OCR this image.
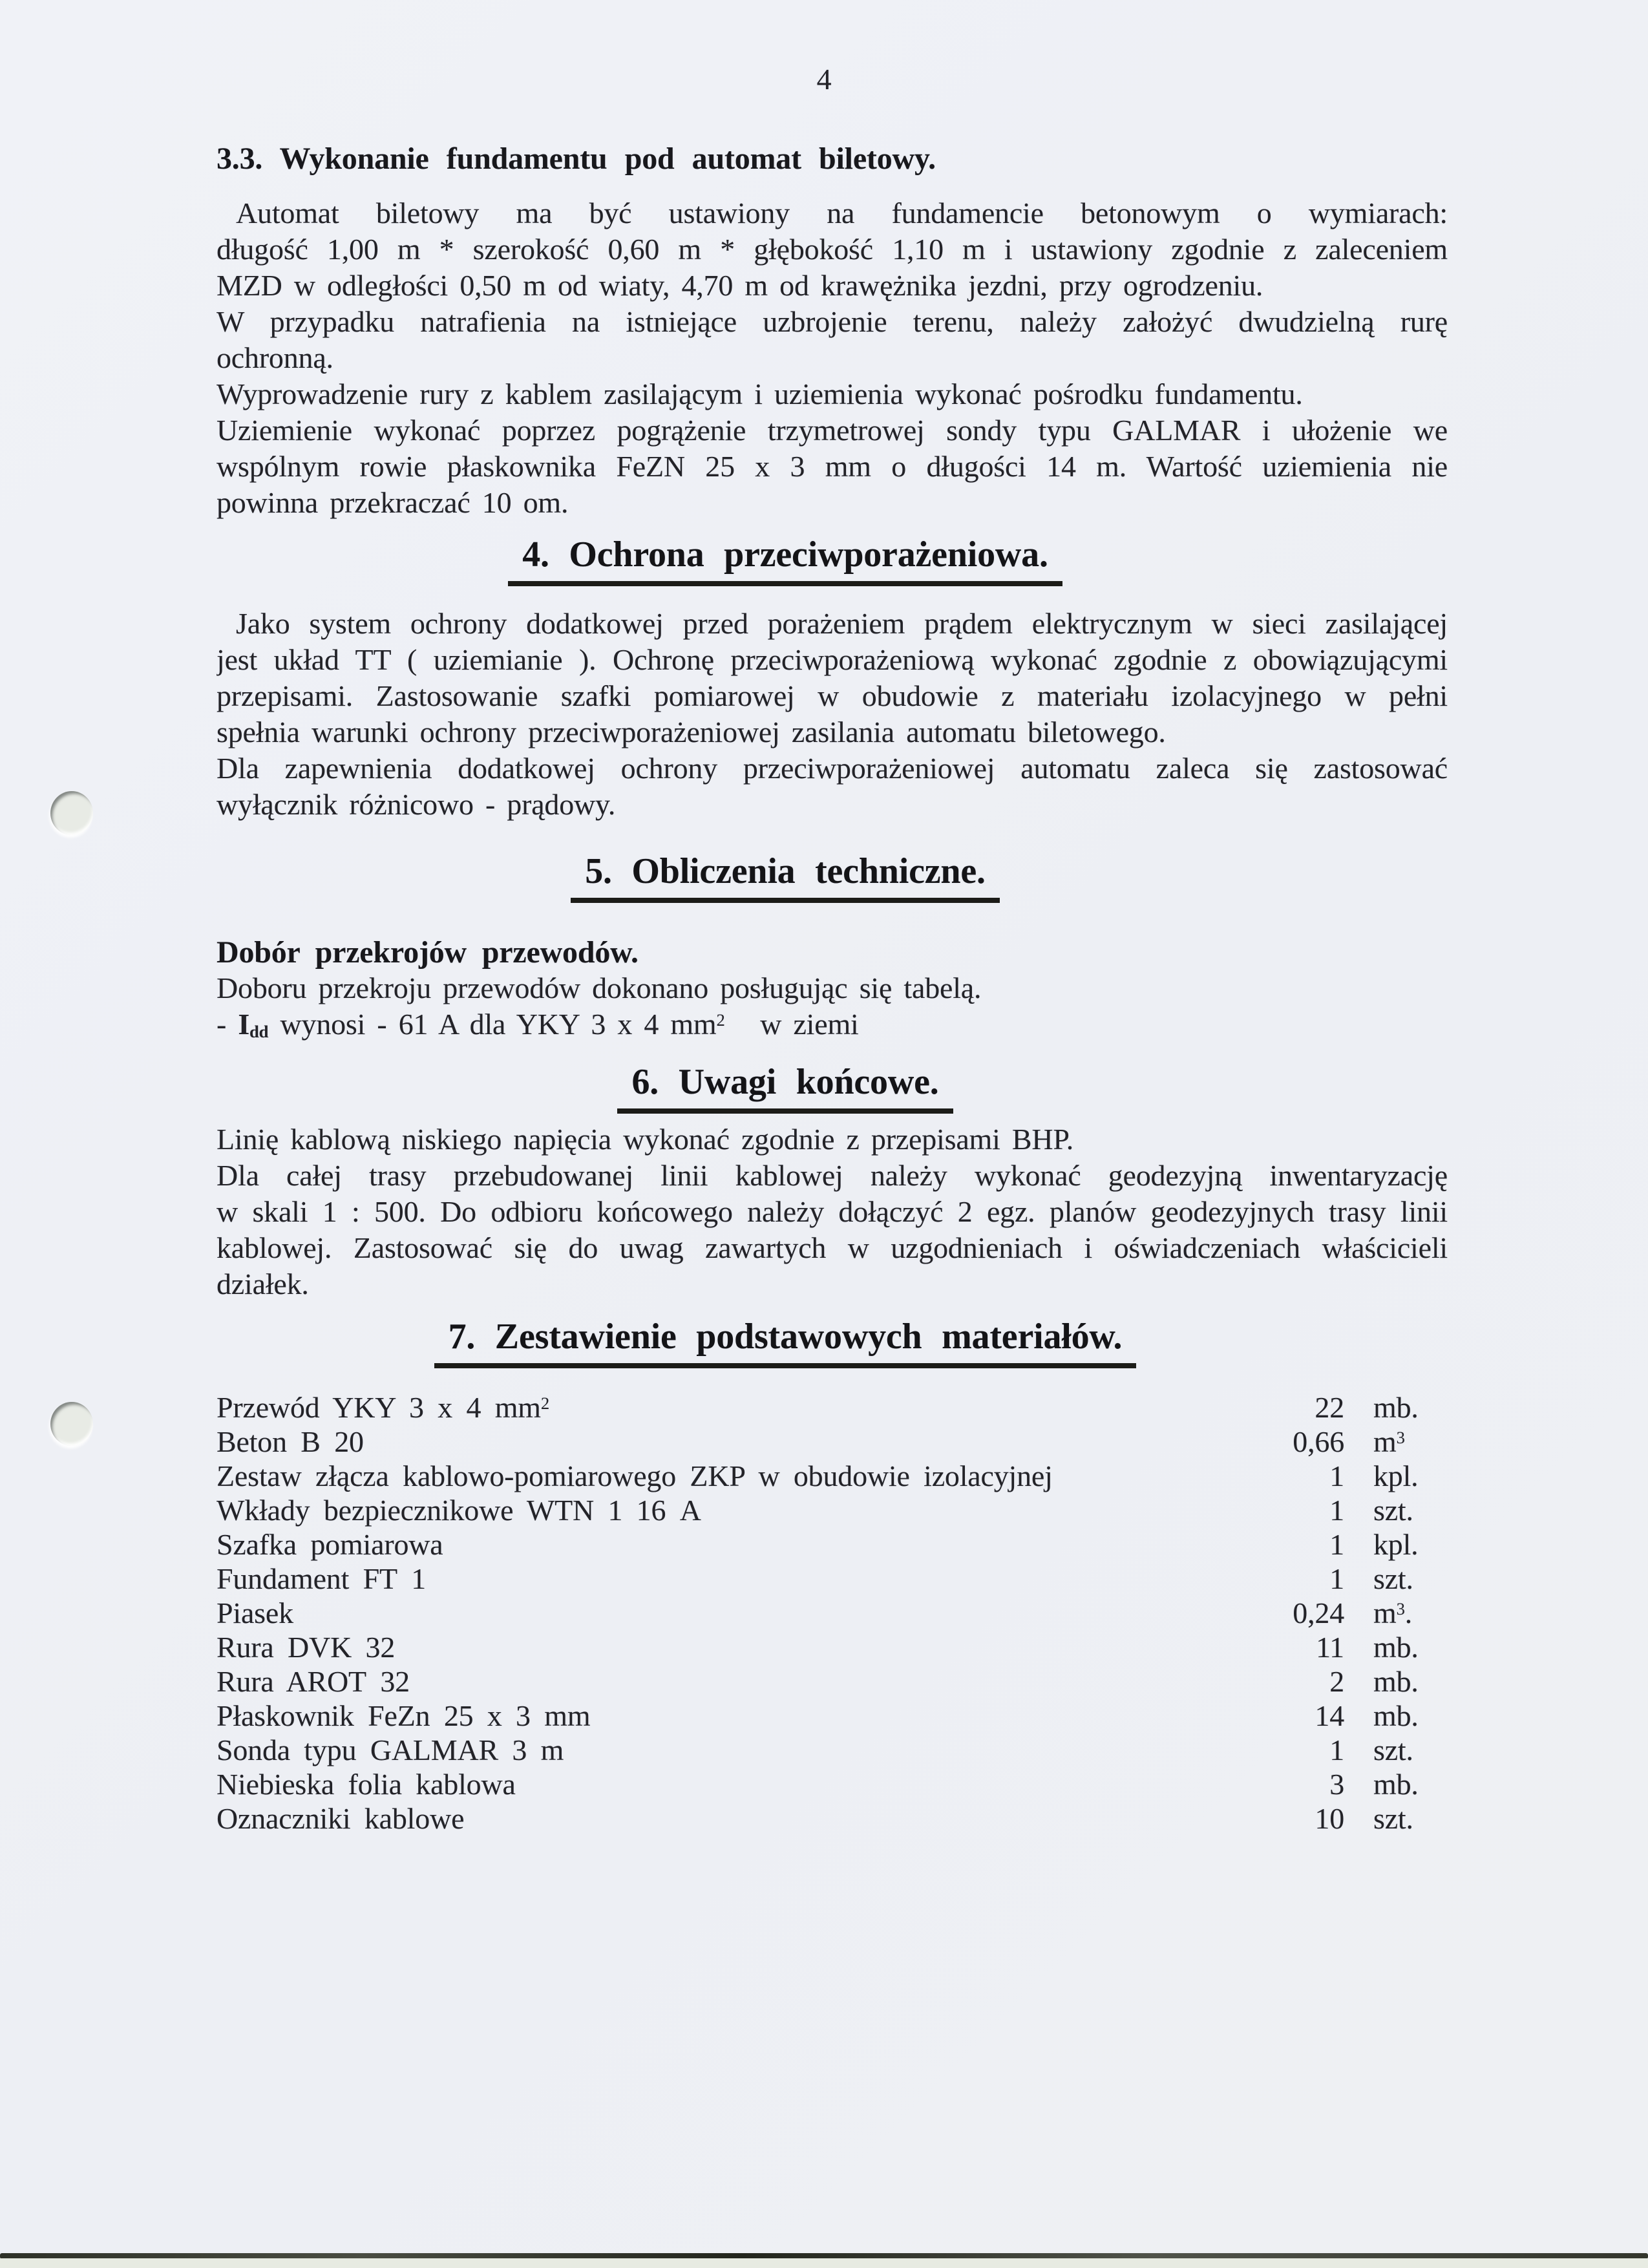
4
3.3. Wykonanie fundamentu pod automat biletowy.
Automat biletowy ma być ustawiony na fundamencie betonowym o wymiarach:
długość 1,00 m * szerokość 0,60 m * głębokość 1,10 m i ustawiony zgodnie z zaleceniem
MZD w odległości 0,50 m od wiaty, 4,70 m od krawężnika jezdni, przy ogrodzeniu.
W przypadku natrafienia na istniejące uzbrojenie terenu, należy założyć dwudzielną rurę
ochronną.
Wyprowadzenie rury z kablem zasilającym i uziemienia wykonać pośrodku fundamentu.
Uziemienie wykonać poprzez pogrążenie trzymetrowej sondy typu GALMAR i ułożenie we
wspólnym rowie płaskownika FeZN 25 x 3 mm o długości 14 m. Wartość uziemienia nie
powinna przekraczać 10 om.
4. Ochrona przeciwporażeniowa.
Jako system ochrony dodatkowej przed porażeniem prądem elektrycznym w sieci zasilającej
jest układ TT ( uziemianie ). Ochronę przeciwporażeniową wykonać zgodnie z obowiązującymi
przepisami. Zastosowanie szafki pomiarowej w obudowie z materiału izolacyjnego w pełni
spełnia warunki ochrony przeciwporażeniowej zasilania automatu biletowego.
Dla zapewnienia dodatkowej ochrony przeciwporażeniowej automatu zaleca się zastosować
wyłącznik różnicowo - prądowy.
5. Obliczenia techniczne.
Dobór przekrojów przewodów.
Doboru przekroju przewodów dokonano posługując się tabelą.
- Idd wynosi - 61 A dla YKY 3 x 4 $mm^2$   w ziemi
6. Uwagi końcowe.
Linię kablową niskiego napięcia wykonać zgodnie z przepisami BHP.
Dla całej trasy przebudowanej linii kablowej należy wykonać geodezyjną inwentaryzację
w skali 1 : 500. Do odbioru końcowego należy dołączyć 2 egz. planów geodezyjnych trasy linii
kablowej. Zastosować się do uwag zawartych w uzgodnieniach i oświadczeniach właścicieli
działek.
7. Zestawienie podstawowych materiałów.
Przewód YKY 3 x 4 $mm^2$	22 mb.
Beton B 20	0,66 $m^3$
Zestaw złącza kablowo-pomiarowego ZKP w obudowie izolacyjnej	1 kpl.
Wkłady bezpiecznikowe WTN 1 16 A	1 szt.
Szafka pomiarowa	1 kpl.
Fundament FT 1	1 szt.
Piasek	0,24 $m^3$.
Rura DVK 32	11 mb.
Rura AROT 32	2 mb.
Płaskownik FeZn 25 x 3 mm	14 mb.
Sonda typu GALMAR 3 m	1 szt.
Niebieska folia kablowa	3 mb.
Oznaczniki kablowe	10 szt.
